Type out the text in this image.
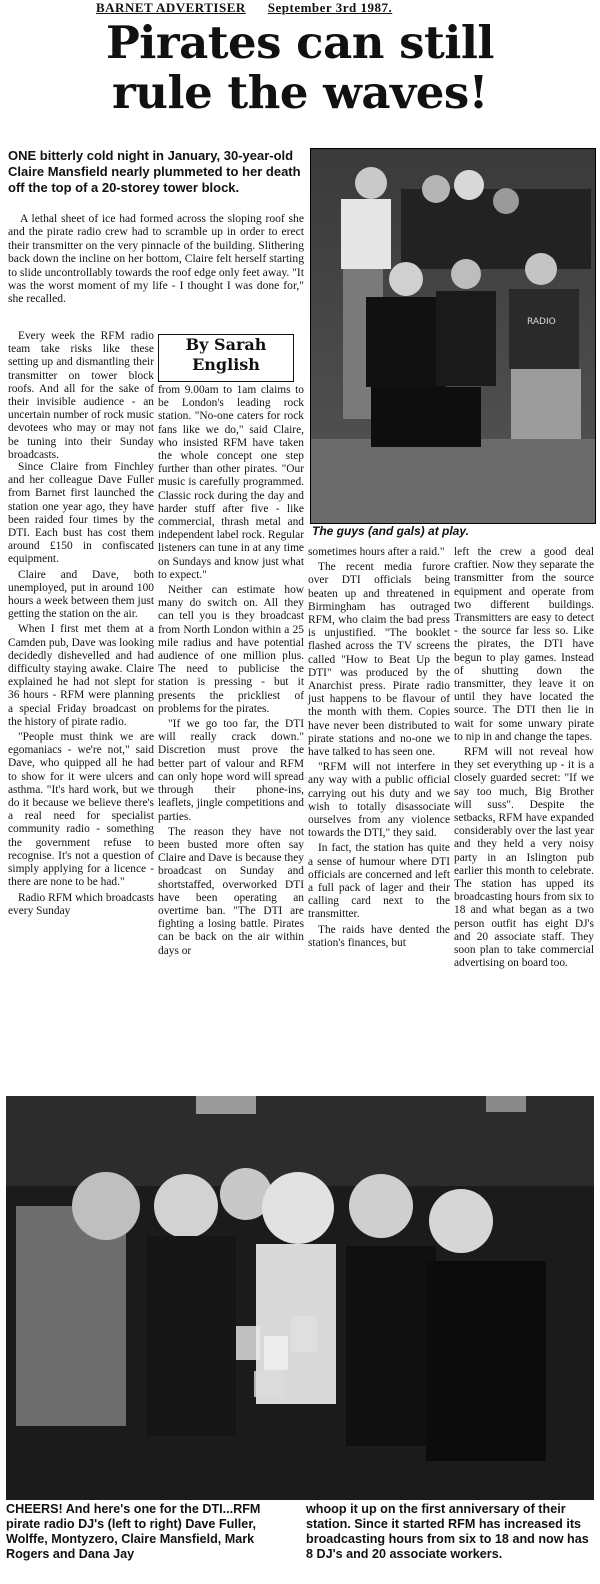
BARNET ADVERTISER September 3rd 1987.
Pirates can still
rule the waves!
ONE bitterly cold night in January, 30-year-old Claire Mansfield nearly plummeted to her death off the top of a 20-storey tower block.
A lethal sheet of ice had formed across the sloping roof she and the pirate radio crew had to scramble up in order to erect their transmitter on the very pinnacle of the building. Slithering back down the incline on her bottom, Claire felt herself starting to slide uncontrollably towards the roof edge only feet away. "It was the worst moment of my life - I thought I was done for," she recalled.
By Sarah
English

Every week the RFM radio team take risks like these setting up and dismantling their transmitter on tower block roofs. And all for the sake of their invisible audience - an uncertain number of rock music devotees who may or may not be tuning into their Sunday broadcasts.

Since Claire from Finchley and her colleague Dave Fuller from Barnet first launched the station one year ago, they have been raided four times by the DTI. Each bust has cost them around £150 in confiscated equipment.

Claire and Dave, both unemployed, put in around 100 hours a week between them just getting the station on the air.

When I first met them at a Camden pub, Dave was looking decidedly dishevelled and had difficulty staying awake. Claire explained he had not slept for 36 hours - RFM were planning a special Friday broadcast on the history of pirate radio.

"People must think we are egomaniacs - we're not," said Dave, who quipped all he had to show for it were ulcers and asthma. "It's hard work, but we do it because we believe there's a real need for specialist community radio - something the government refuse to recognise. It's not a question of simply applying for a licence - there are none to be had."

Radio RFM which broadcasts every Sunday

from 9.00am to 1am claims to be London's leading rock station. "No-one caters for rock fans like we do," said Claire, who insisted RFM have taken the whole concept one step further than other pirates. "Our music is carefully programmed. Classic rock during the day and harder stuff after five - like commercial, thrash metal and independent label rock. Regular listeners can tune in at any time on Sundays and know just what to expect."

Neither can estimate how many do switch on. All they can tell you is they broadcast from North London within a 25 mile radius and have potential audience of one million plus. The need to publicise the station is pressing - but it presents the prickliest of problems for the pirates.

"If we go too far, the DTI will really crack down." Discretion must prove the better part of valour and RFM can only hope word will spread through their phone-ins, leaflets, jingle competitions and parties.

The reason they have not been busted more often say Claire and Dave is because they broadcast on Sunday and shortstaffed, overworked DTI have been operating an overtime ban. "The DTI are fighting a losing battle. Pirates can be back on the air within days or

RADIO
The guys (and gals) at play.

sometimes hours after a raid."

The recent media furore over DTI officials being beaten up and threatened in Birmingham has outraged RFM, who claim the bad press is unjustified. "The booklet flashed across the TV screens called "How to Beat Up the DTI" was produced by the Anarchist press. Pirate radio just happens to be flavour of the month with them. Copies have never been distributed to pirate stations and no-one we have talked to has seen one.

"RFM will not interfere in any way with a public official carrying out his duty and we wish to totally disassociate ourselves from any violence towards the DTI," they said.

In fact, the station has quite a sense of humour where DTI officials are concerned and left a full pack of lager and their calling card next to the transmitter.

The raids have dented the station's finances, but

left the crew a good deal craftier. Now they separate the transmitter from the source equipment and operate from two different buildings. Transmitters are easy to detect - the source far less so. Like the pirates, the DTI have begun to play games. Instead of shutting down the transmitter, they leave it on until they have located the source. The DTI then lie in wait for some unwary pirate to nip in and change the tapes.

RFM will not reveal how they set everything up - it is a closely guarded secret: "If we say too much, Big Brother will suss". Despite the setbacks, RFM have expanded considerably over the last year and they held a very noisy party in an Islington pub earlier this month to celebrate. The station has upped its broadcasting hours from six to 18 and what began as a two person outfit has eight DJ's and 20 associate staff. They soon plan to take commercial advertising on board too.

CHEERS! And here's one for the DTI...RFM pirate radio DJ's (left to right) Dave Fuller, Wolffe, Montyzero, Claire Mansfield, Mark Rogers and Dana Jay
whoop it up on the first anniversary of their station. Since it started RFM has increased its broadcasting hours from six to 18 and now has 8 DJ's and 20 associate workers.
